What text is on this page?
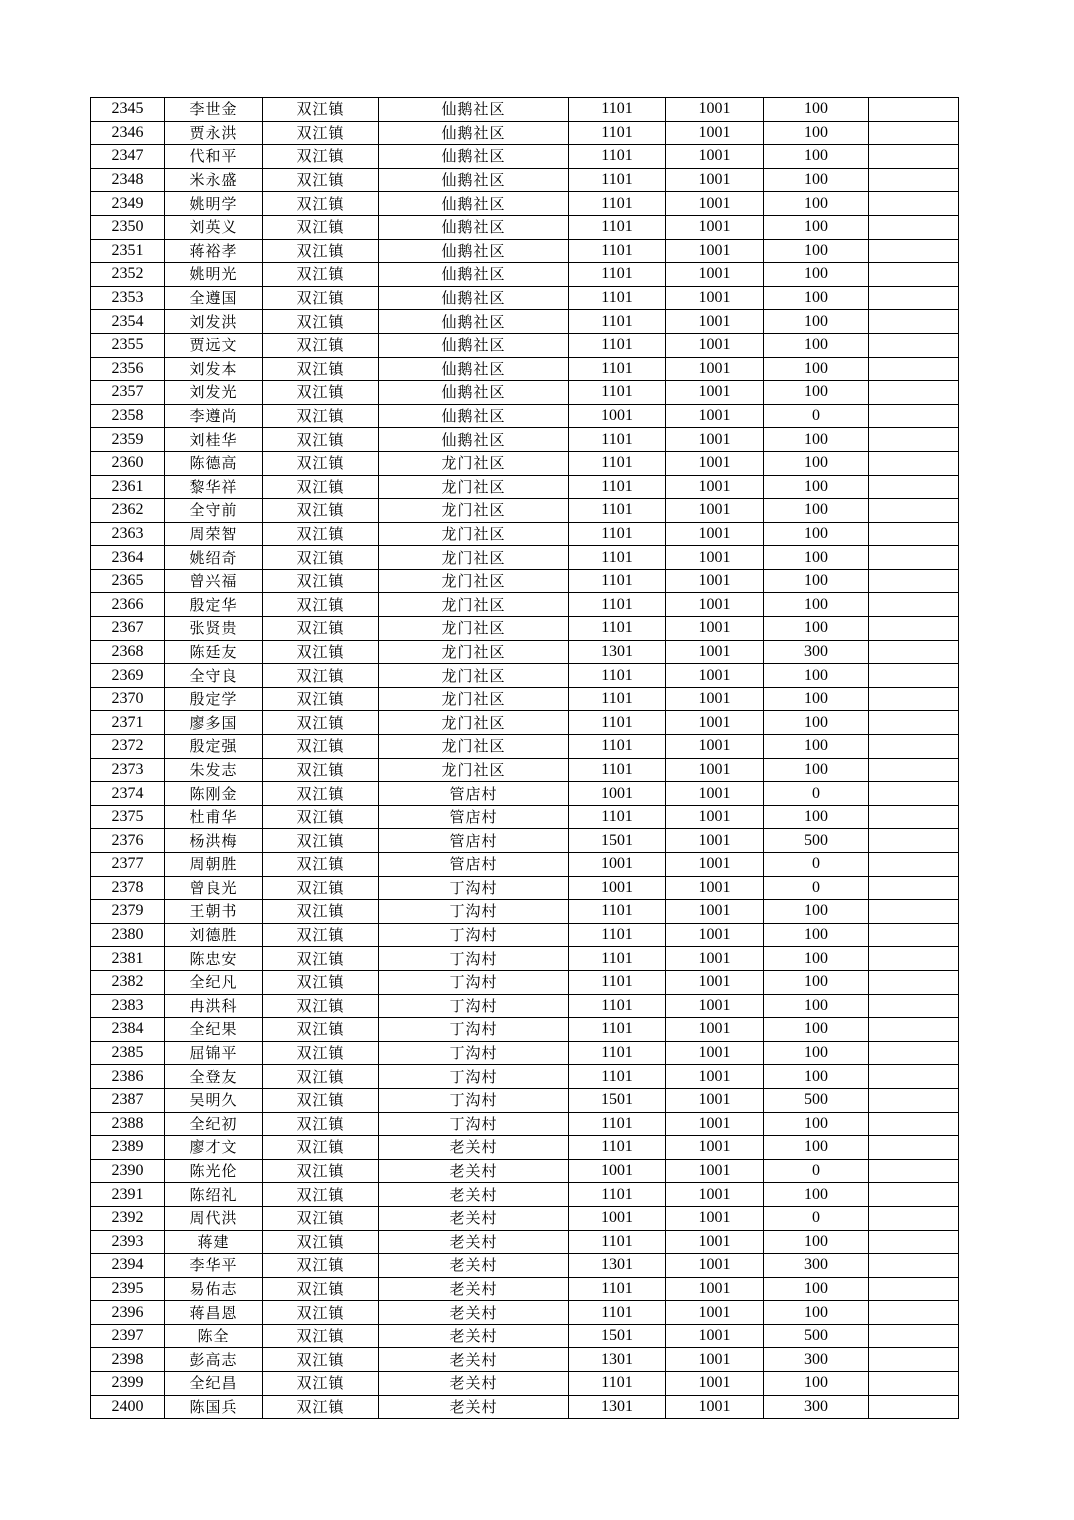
2345	李世金	双江镇	仙鹅社区	1101	1001	100	
2346	贾永洪	双江镇	仙鹅社区	1101	1001	100	
2347	代和平	双江镇	仙鹅社区	1101	1001	100	
2348	米永盛	双江镇	仙鹅社区	1101	1001	100	
2349	姚明学	双江镇	仙鹅社区	1101	1001	100	
2350	刘英义	双江镇	仙鹅社区	1101	1001	100	
2351	蒋裕孝	双江镇	仙鹅社区	1101	1001	100	
2352	姚明光	双江镇	仙鹅社区	1101	1001	100	
2353	全遵国	双江镇	仙鹅社区	1101	1001	100	
2354	刘发洪	双江镇	仙鹅社区	1101	1001	100	
2355	贾远文	双江镇	仙鹅社区	1101	1001	100	
2356	刘发本	双江镇	仙鹅社区	1101	1001	100	
2357	刘发光	双江镇	仙鹅社区	1101	1001	100	
2358	李遵尚	双江镇	仙鹅社区	1001	1001	0	
2359	刘桂华	双江镇	仙鹅社区	1101	1001	100	
2360	陈德高	双江镇	龙门社区	1101	1001	100	
2361	黎华祥	双江镇	龙门社区	1101	1001	100	
2362	全守前	双江镇	龙门社区	1101	1001	100	
2363	周荣智	双江镇	龙门社区	1101	1001	100	
2364	姚绍奇	双江镇	龙门社区	1101	1001	100	
2365	曾兴福	双江镇	龙门社区	1101	1001	100	
2366	殷定华	双江镇	龙门社区	1101	1001	100	
2367	张贤贵	双江镇	龙门社区	1101	1001	100	
2368	陈廷友	双江镇	龙门社区	1301	1001	300	
2369	全守良	双江镇	龙门社区	1101	1001	100	
2370	殷定学	双江镇	龙门社区	1101	1001	100	
2371	廖多国	双江镇	龙门社区	1101	1001	100	
2372	殷定强	双江镇	龙门社区	1101	1001	100	
2373	朱发志	双江镇	龙门社区	1101	1001	100	
2374	陈刚金	双江镇	管店村	1001	1001	0	
2375	杜甫华	双江镇	管店村	1101	1001	100	
2376	杨洪梅	双江镇	管店村	1501	1001	500	
2377	周朝胜	双江镇	管店村	1001	1001	0	
2378	曾良光	双江镇	丁沟村	1001	1001	0	
2379	王朝书	双江镇	丁沟村	1101	1001	100	
2380	刘德胜	双江镇	丁沟村	1101	1001	100	
2381	陈忠安	双江镇	丁沟村	1101	1001	100	
2382	全纪凡	双江镇	丁沟村	1101	1001	100	
2383	冉洪科	双江镇	丁沟村	1101	1001	100	
2384	全纪果	双江镇	丁沟村	1101	1001	100	
2385	屈锦平	双江镇	丁沟村	1101	1001	100	
2386	全登友	双江镇	丁沟村	1101	1001	100	
2387	吴明久	双江镇	丁沟村	1501	1001	500	
2388	全纪初	双江镇	丁沟村	1101	1001	100	
2389	廖才文	双江镇	老关村	1101	1001	100	
2390	陈光伦	双江镇	老关村	1001	1001	0	
2391	陈绍礼	双江镇	老关村	1101	1001	100	
2392	周代洪	双江镇	老关村	1001	1001	0	
2393	蒋建	双江镇	老关村	1101	1001	100	
2394	李华平	双江镇	老关村	1301	1001	300	
2395	易佑志	双江镇	老关村	1101	1001	100	
2396	蒋昌恩	双江镇	老关村	1101	1001	100	
2397	陈全	双江镇	老关村	1501	1001	500	
2398	彭高志	双江镇	老关村	1301	1001	300	
2399	全纪昌	双江镇	老关村	1101	1001	100	
2400	陈国兵	双江镇	老关村	1301	1001	300	
